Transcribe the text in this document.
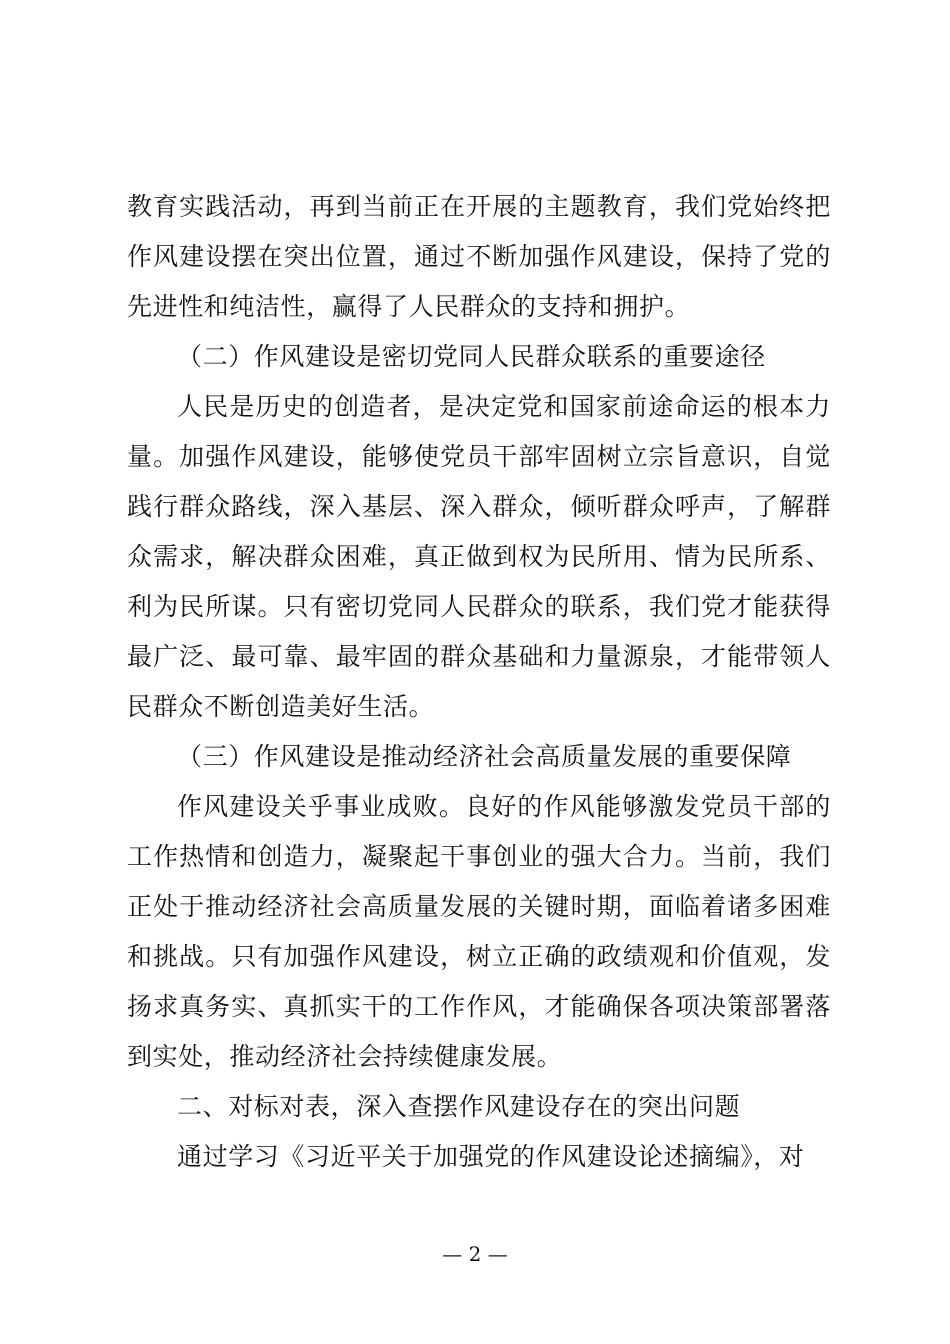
教育实践活动，再到当前正在开展的主题教育，我们党始终把作风建设摆在突出位置，通过不断加强作风建设，保持了党的先进性和纯洁性，赢得了人民群众的支持和拥护。

（二）作风建设是密切党同人民群众联系的重要途径

人民是历史的创造者，是决定党和国家前途命运的根本力量。加强作风建设，能够使党员干部牢固树立宗旨意识，自觉践行群众路线，深入基层、深入群众，倾听群众呼声，了解群众需求，解决群众困难，真正做到权为民所用、情为民所系、利为民所谋。只有密切党同人民群众的联系，我们党才能获得最广泛、最可靠、最牢固的群众基础和力量源泉，才能带领人民群众不断创造美好生活。

（三）作风建设是推动经济社会高质量发展的重要保障

作风建设关乎事业成败。良好的作风能够激发党员干部的工作热情和创造力，凝聚起干事创业的强大合力。当前，我们正处于推动经济社会高质量发展的关键时期，面临着诸多困难和挑战。只有加强作风建设，树立正确的政绩观和价值观，发扬求真务实、真抓实干的工作作风，才能确保各项决策部署落到实处，推动经济社会持续健康发展。

二、对标对表，深入查摆作风建设存在的突出问题

通过学习《习近平关于加强党的作风建设论述摘编》，对

— 2 —
